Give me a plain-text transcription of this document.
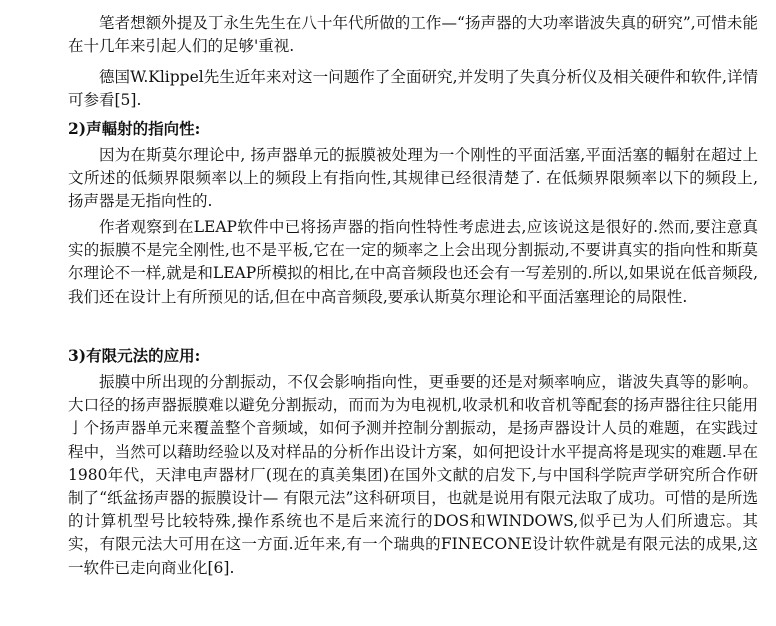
笔者想额外提及丁永生先生在八十年代所做的工作—“扬声器的大功率谐波失真的研究”,可惜未能在十几年来引起人们的足够'重视.

德国W.Klippel先生近年来对这一问题作了全面研究,并发明了失真分析仪及相关硬件和软件,详情可参看[5].

2)声輻射的指向性:

因为在斯莫尔理论中, 扬声器单元的振膜被处理为一个刚性的平面活塞,平面活塞的輻射在超过上文所述的低频界限频率以上的频段上有指向性,其规律已经很清楚了. 在低频界限频率以下的频段上, 扬声器是无指向性的.

作者观察到在LEAP软件中已将扬声器的指向性特性考虑进去,应该说这是很好的.然而,要注意真实的振膜不是完全刚性,也不是平板,它在一定的频率之上会出现分割振动,不要讲真实的指向性和斯莫尔理论不一样,就是和LEAP所模拟的相比,在中高音频段也还会有一写差别的.所以,如果说在低音频段,我们还在设计上有所预见的话,但在中高音频段,要承认斯莫尔理论和平面活塞理论的局限性.

3)有限元法的应用:

振膜中所出现的分割振动，不仅会影响指向性，更垂要的还是对频率响应，谐波失真等的影响。大口径的扬声器振膜难以避免分割振动，而而为为电视机,收录机和收音机等配套的扬声器往往只能用亅个扬声器单元来覆盖整个音频域，如何予测并控制分割振动，是扬声器设计人员的难题，在实践过程中，当然可以藉助经验以及对样品的分析作出设计方案，如何把设计水平提高将是现实的难题.早在1980年代，天津电声器材厂(现在的真美集团)在国外文献的启发下,与中国科学院声学研究所合作研制了“纸盆扬声器的振膜设计— 有限元法”这科研项目，也就是说用有限元法取了成功。可惜的是所选的计算机型号比较特殊,操作系统也不是后来流行的DOS和WINDOWS,似乎已为人们所遗忘。其实，有限元法大可用在这一方面.近年来,有一个瑞典的FINECONE设计软件就是有限元法的成果,这一软件已走向商业化[6].
